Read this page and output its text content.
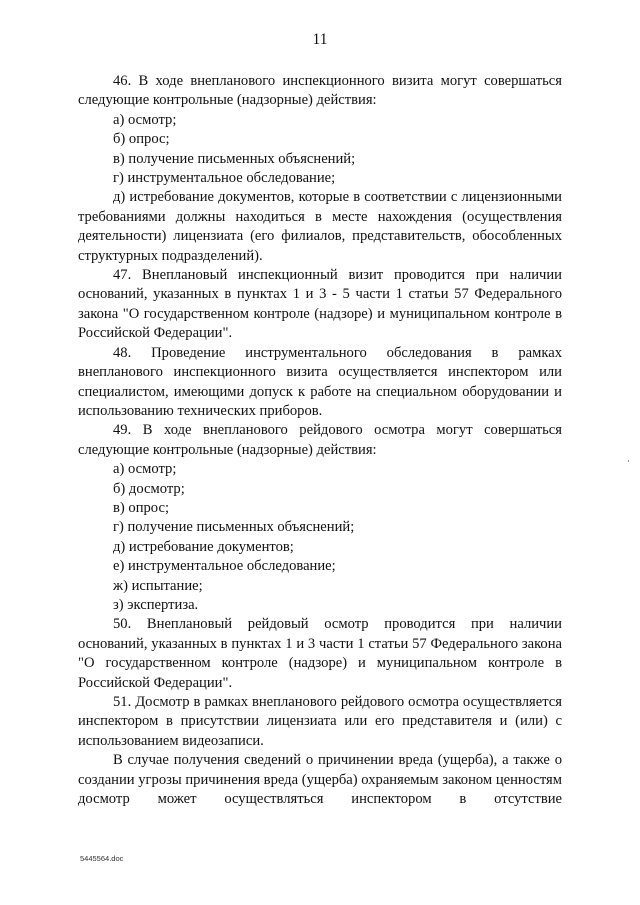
11

46. В ходе внепланового инспекционного визита могут совершаться следующие контрольные (надзорные) действия:

а) осмотр;

б) опрос;

в) получение письменных объяснений;

г) инструментальное обследование;

д) истребование документов, которые в соответствии с лицензионными требованиями должны находиться в месте нахождения (осуществления деятельности) лицензиата (его филиалов, представительств, обособленных структурных подразделений).

47. Внеплановый инспекционный визит проводится при наличии оснований, указанных в пунктах 1 и 3 - 5 части 1 статьи 57 Федерального закона "О государственном контроле (надзоре) и муниципальном контроле в Российской Федерации".

48. Проведение инструментального обследования в рамках внепланового инспекционного визита осуществляется инспектором или специалистом, имеющими допуск к работе на специальном оборудовании и использованию технических приборов.

49. В ходе внепланового рейдового осмотра могут совершаться следующие контрольные (надзорные) действия:

а) осмотр;

б) досмотр;

в) опрос;

г) получение письменных объяснений;

д) истребование документов;

е) инструментальное обследование;

ж) испытание;

з) экспертиза.

50. Внеплановый рейдовый осмотр проводится при наличии оснований, указанных в пунктах 1 и 3 части 1 статьи 57 Федерального закона "О государственном контроле (надзоре) и муниципальном контроле в Российской Федерации".

51. Досмотр в рамках внепланового рейдового осмотра осуществляется инспектором в присутствии лицензиата или его представителя и (или) с использованием видеозаписи.

В случае получения сведений о причинении вреда (ущерба), а также о создании угрозы причинения вреда (ущерба) охраняемым законом ценностям досмотр может осуществляться инспектором в отсутствие

5445564.doc
